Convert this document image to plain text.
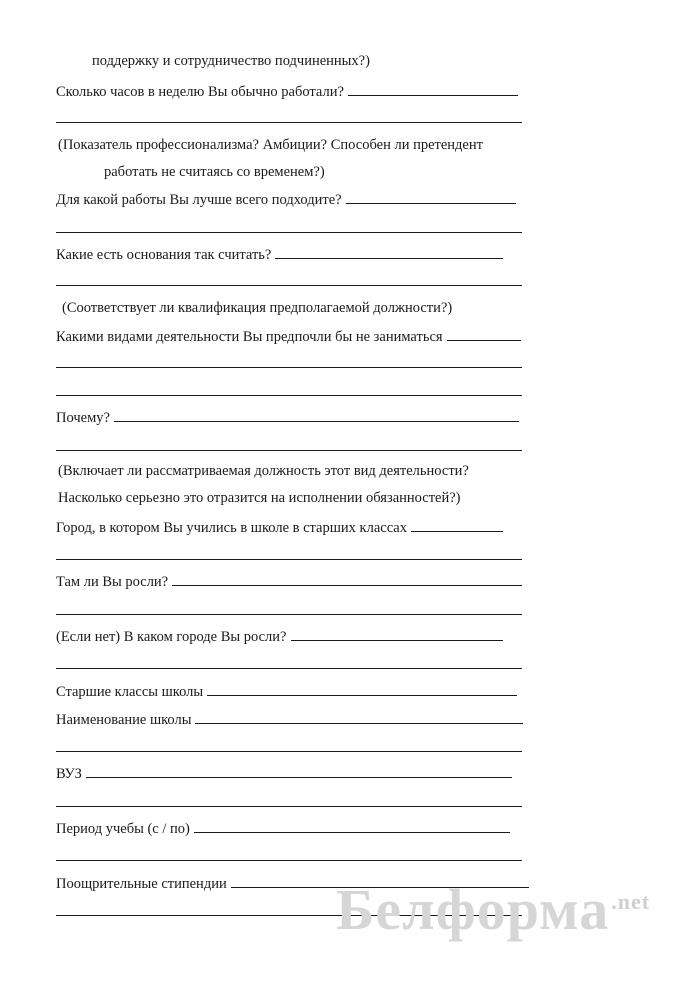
поддержку и сотрудничество подчиненных?)
Сколько часов в неделю Вы обычно работали?
(Показатель профессионализма? Амбиции? Способен ли претендент
работать не считаясь со временем?)
Для какой работы Вы лучше всего подходите?
Какие есть основания так считать?
(Соответствует ли квалификация предполагаемой должности?)
Какими видами деятельности Вы предпочли бы не заниматься
Почему?
(Включает ли рассматриваемая должность этот вид деятельности?
Насколько серьезно это отразится на исполнении обязанностей?)
Город, в котором Вы учились в школе в старших классах
Там ли Вы росли?
(Если нет) В каком городе Вы росли?
Старшие классы школы
Наименование школы
ВУЗ
Период учебы (с / по)
Поощрительные стипендии	Белформа$^{.net}$
